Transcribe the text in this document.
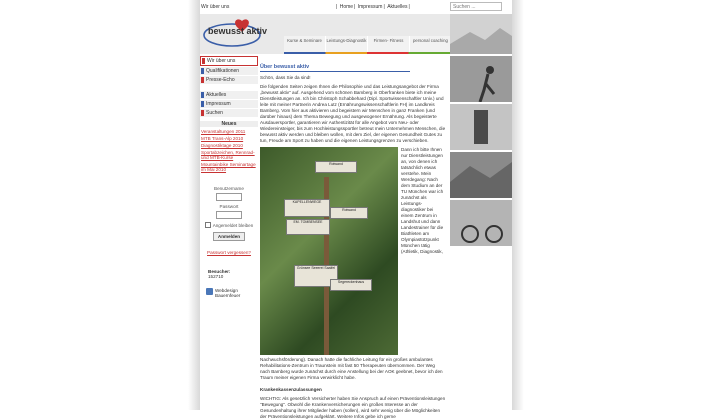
Wir über uns	| Home| Impressum| Aktuelles|	Suchen ...
bewusst aktiv
Kurse & Seminare	Leistungs-Diagnostik	Firmen- Fitness	personal coaching
Wir über uns
Qualifikationen
Presse-Echo
Aktuelles
Impressum
Suchen
Neues
Veranstaltungen 2011
MTB Trans-Alp 2010
Diagnostiktage 2010
Sportabzeichen, Rennrad- und MTB-Kurse
Mountainbike Seminartage im Mai 2010
Benutzername
Passwort
Angemeldet bleiben
Anmelden
Passwort vergessen?
Besucher:
152710
Webdesign
Bauernfeuer
Über bewusst aktiv

Schön, dass Sie da sind!

Die folgenden Seiten zeigen Ihnen die Philosophie und das Leistungsangebot der Firma „bewusst aktiv" auf. Ausgehend vom schönen Bamberg in Oberfranken biete ich meine Dienstleistungen an. Ich bin Christoph Schabbehard (Dipl. Sportwissenschaftler Univ.) und leite mit meiner Partnerin Andrea Lutz (Ernährungswissenschaftlerin FH) im Landkreis Bamberg. Vom hier aus aktivieren und begeistern wir Menschen in ganz Franken (und darüber hinaus) dem Thema Bewegung und ausgewogener Ernährung. Als begeisterte Ausdauersportler, garantieren wir Authentizität für alle Angebot vom Neu- oder Wiedereinsteiger, bis zum Hochleistungssportler betreut mein Unternehmen Menschen, die bewusst aktiv werden und bleiben wollen, mit dem Ziel, der eigenen Gesundheit Gutes zu tun, Freude am Sport zu haben und die eigenen Leistungsgrenzen zu verschieben.

Rotwand
KAPELLENWEGE
EM. TOMBENSEE
Rotwand
Grünsee Seeerei Saalfel
Segereckenhaus

Dann ich bitte Ihnen nur Dienstleistungen an, von denen ich tatsächlich etwas verstehe. Mein Werdegang: Nach dem Studium an der TU München war ich zunächst als Leistungs-diagnostiker bei einem Zentrum in Landshut und dann Landestrainer für die Biathleten am Olympiastützpunkt München tätig (Athletik, Diagnostik, Nachwuchsförderung). Danach hatte die fachliche Leitung für ein großes ambulantes Rehabilitations-Zentrum in Traunstein mit fast 50 Therapeuten übernommen. Der Weg nach Bamberg wurde zunächst durch eine Anstellung bei der AOK geebnet, bevor ich den Traum meiner eigenen Firma verwirklicht habe.

Krankenkassenzulassungen

WICHTIG: Als gesetzlich Versicherter haben Sie Anspruch auf einen Präventionsleistungen "Bewegung". Obwohl die Krankenversicherungen ein großes Interesse an der Gesundenhaltung ihrer Mitglieder haben (sollen), wird sehr wenig über die Möglichkeiten der Präventionsleistungen aufgeklärt. Weitere Infos gebe ich gerne
